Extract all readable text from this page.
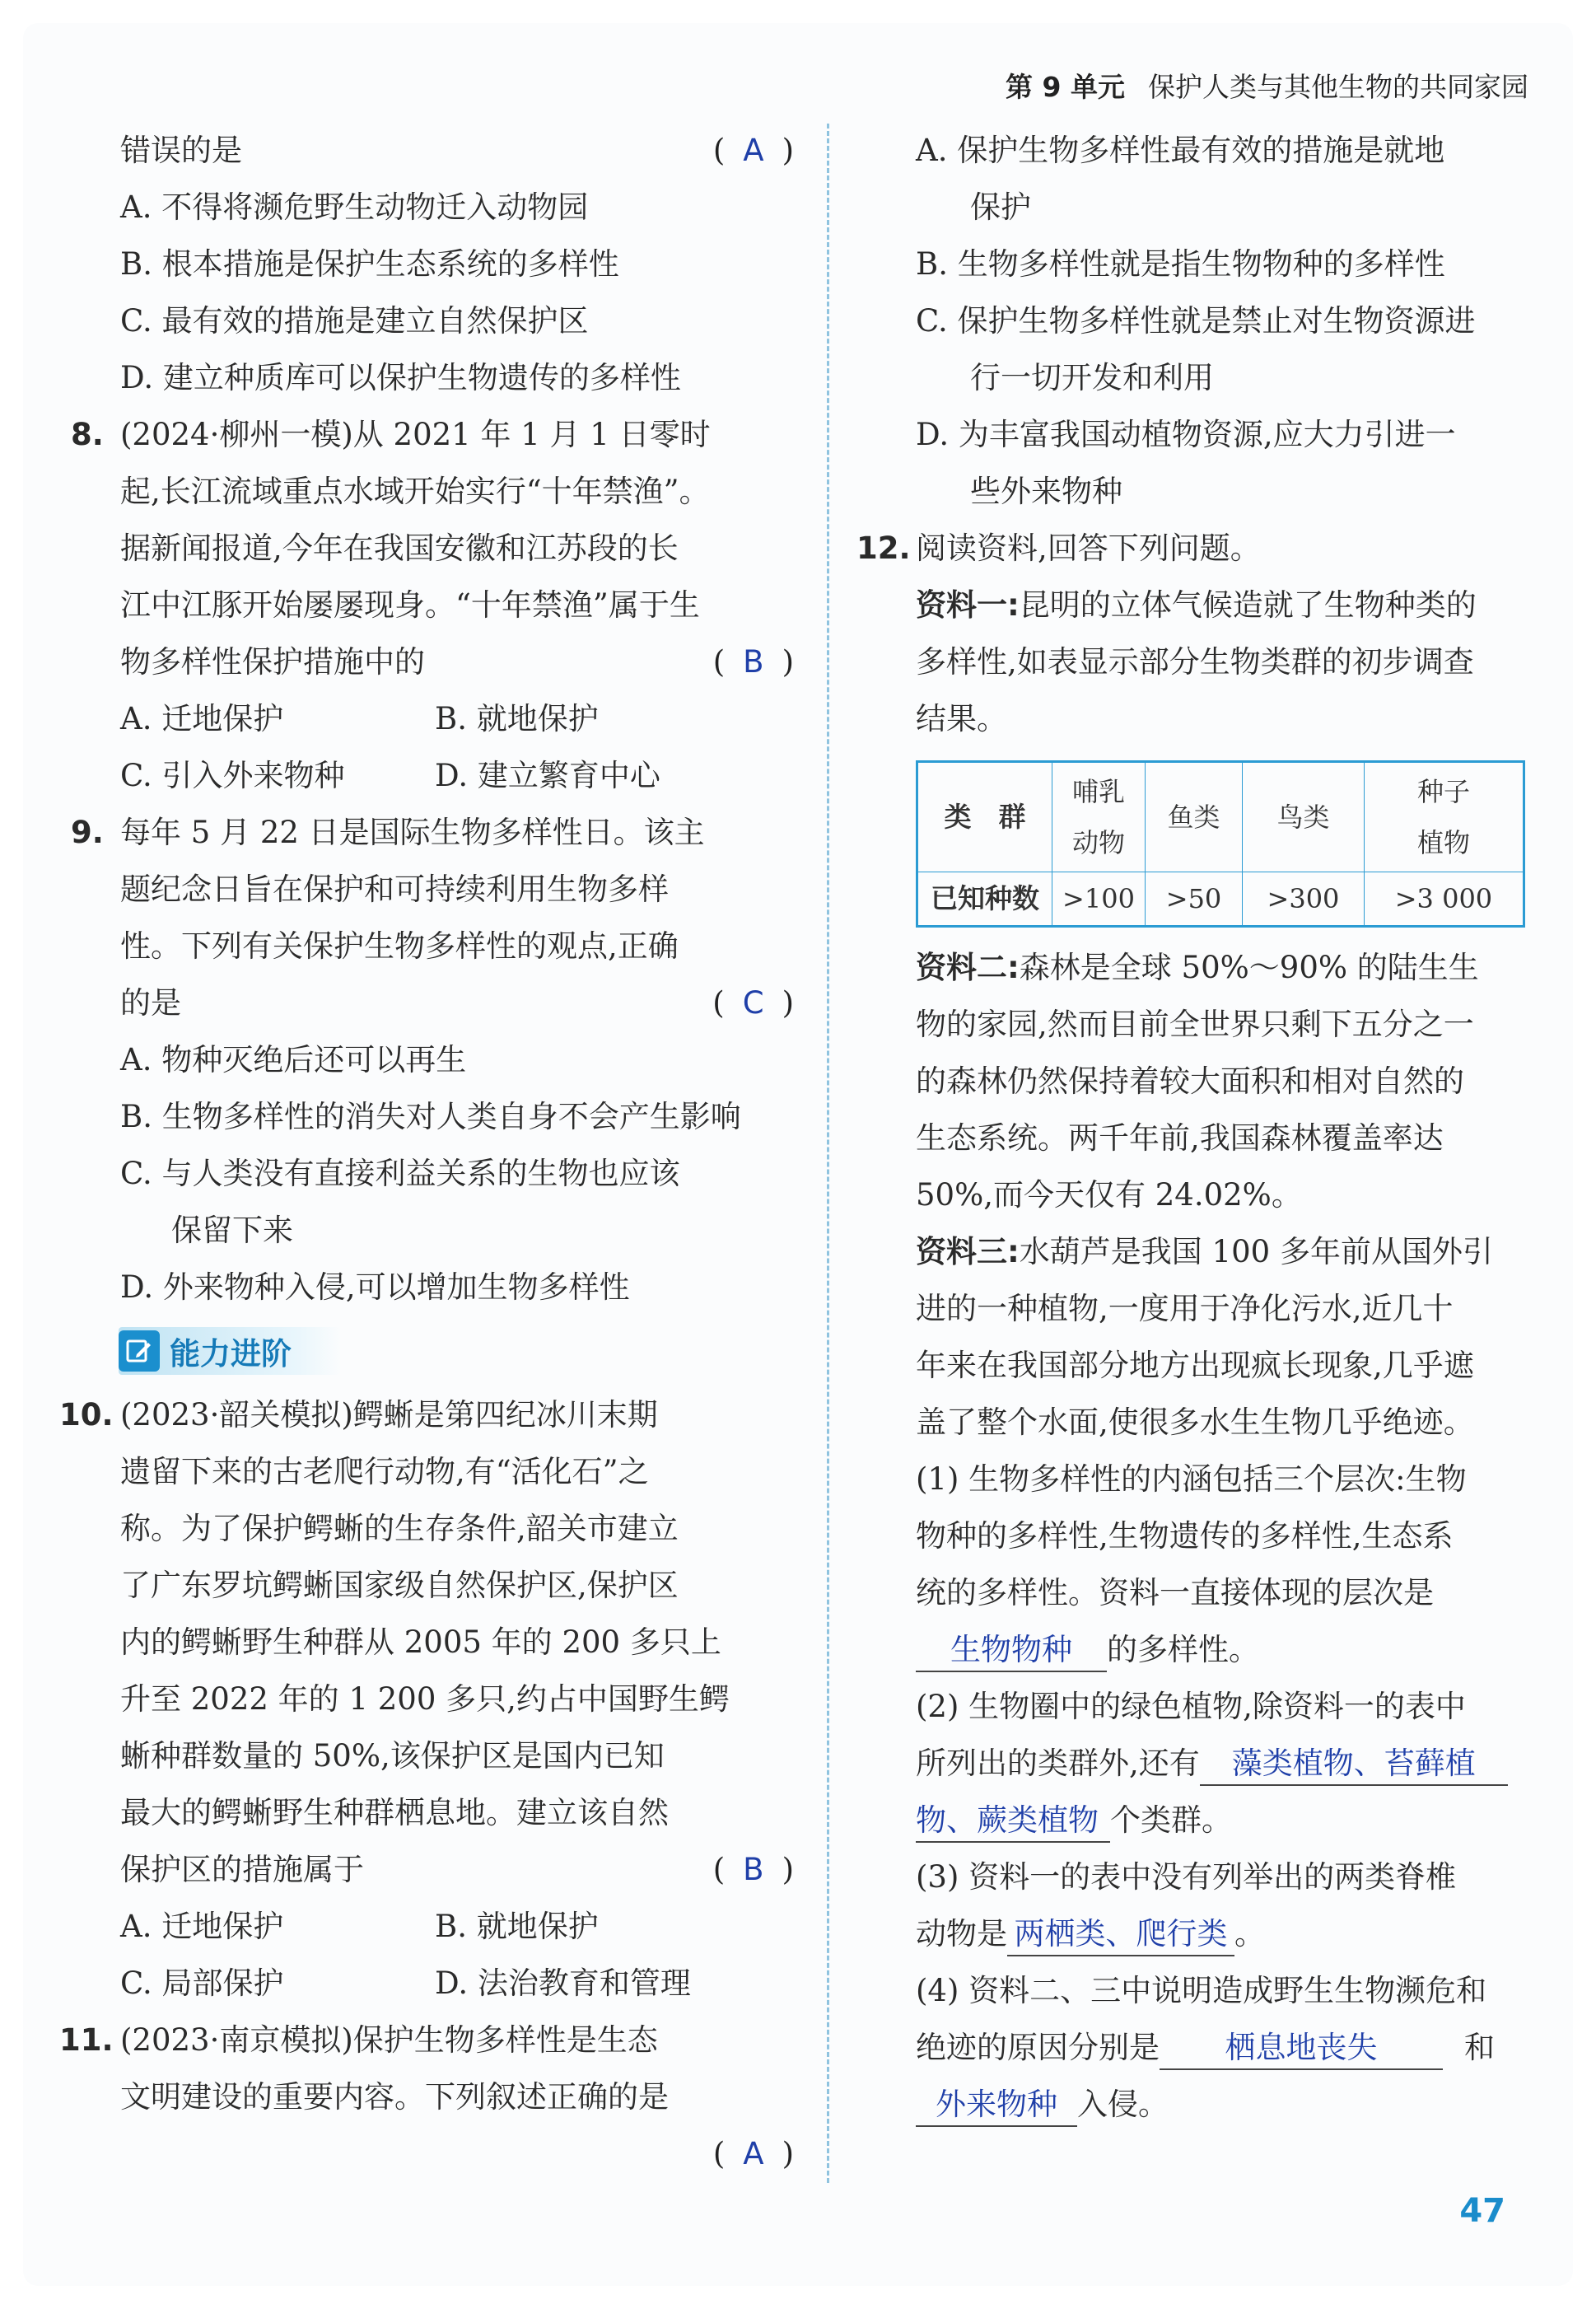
第 9 单元 保护人类与其他生物的共同家园
错误的是	( A )
A. 不得将濒危野生动物迁入动物园
B. 根本措施是保护生态系统的多样性
C. 最有效的措施是建立自然保护区
D. 建立种质库可以保护生物遗传的多样性
8. (2024·柳州一模)从 2021 年 1 月 1 日零时
起,长江流域重点水域开始实行“十年禁渔”。
据新闻报道,今年在我国安徽和江苏段的长
江中江豚开始屡屡现身。“十年禁渔”属于生
物多样性保护措施中的	( B )
A. 迁地保护	B. 就地保护
C. 引入外来物种	D. 建立繁育中心
9. 每年 5 月 22 日是国际生物多样性日。该主
题纪念日旨在保护和可持续利用生物多样
性。下列有关保护生物多样性的观点,正确
的是	( C )
A. 物种灭绝后还可以再生
B. 生物多样性的消失对人类自身不会产生影响
C. 与人类没有直接利益关系的生物也应该
保留下来
D. 外来物种入侵,可以增加生物多样性
能力进阶
10. (2023·韶关模拟)鳄蜥是第四纪冰川末期
遗留下来的古老爬行动物,有“活化石”之
称。为了保护鳄蜥的生存条件,韶关市建立
了广东罗坑鳄蜥国家级自然保护区,保护区
内的鳄蜥野生种群从 2005 年的 200 多只上
升至 2022 年的 1 200 多只,约占中国野生鳄
蜥种群数量的 50%,该保护区是国内已知
最大的鳄蜥野生种群栖息地。建立该自然
保护区的措施属于	( B )
A. 迁地保护	B. 就地保护
C. 局部保护	D. 法治教育和管理
11. (2023·南京模拟)保护生物多样性是生态
文明建设的重要内容。下列叙述正确的是
( A )

A. 保护生物多样性最有效的措施是就地
保护
B. 生物多样性就是指生物物种的多样性
C. 保护生物多样性就是禁止对生物资源进
行一切开发和利用
D. 为丰富我国动植物资源,应大力引进一
些外来物种
12. 阅读资料,回答下列问题。
资料一:昆明的立体气候造就了生物种类的
多样性,如表显示部分生物类群的初步调查
结果。
类　群	哺乳动物	鱼类	鸟类	种子植物
已知种数	>100	>50	>300	>3 000
资料二:森林是全球 50%～90% 的陆生生
物的家园,然而目前全世界只剩下五分之一
的森林仍然保持着较大面积和相对自然的
生态系统。两千年前,我国森林覆盖率达
50%,而今天仅有 24.02%。
资料三:水葫芦是我国 100 多年前从国外引
进的一种植物,一度用于净化污水,近几十
年来在我国部分地方出现疯长现象,几乎遮
盖了整个水面,使很多水生生物几乎绝迹。
(1) 生物多样性的内涵包括三个层次:生物
物种的多样性,生物遗传的多样性,生态系
统的多样性。资料一直接体现的层次是
生物物种 的多样性。
(2) 生物圈中的绿色植物,除资料一的表中
所列出的类群外,还有 藻类植物、苔藓植
物、蕨类植物 个类群。
(3) 资料一的表中没有列举出的两类脊椎
动物是 两栖类、爬行类 。
(4) 资料二、三中说明造成野生生物濒危和
绝迹的原因分别是 栖息地丧失	和
外来物种 入侵。
47
